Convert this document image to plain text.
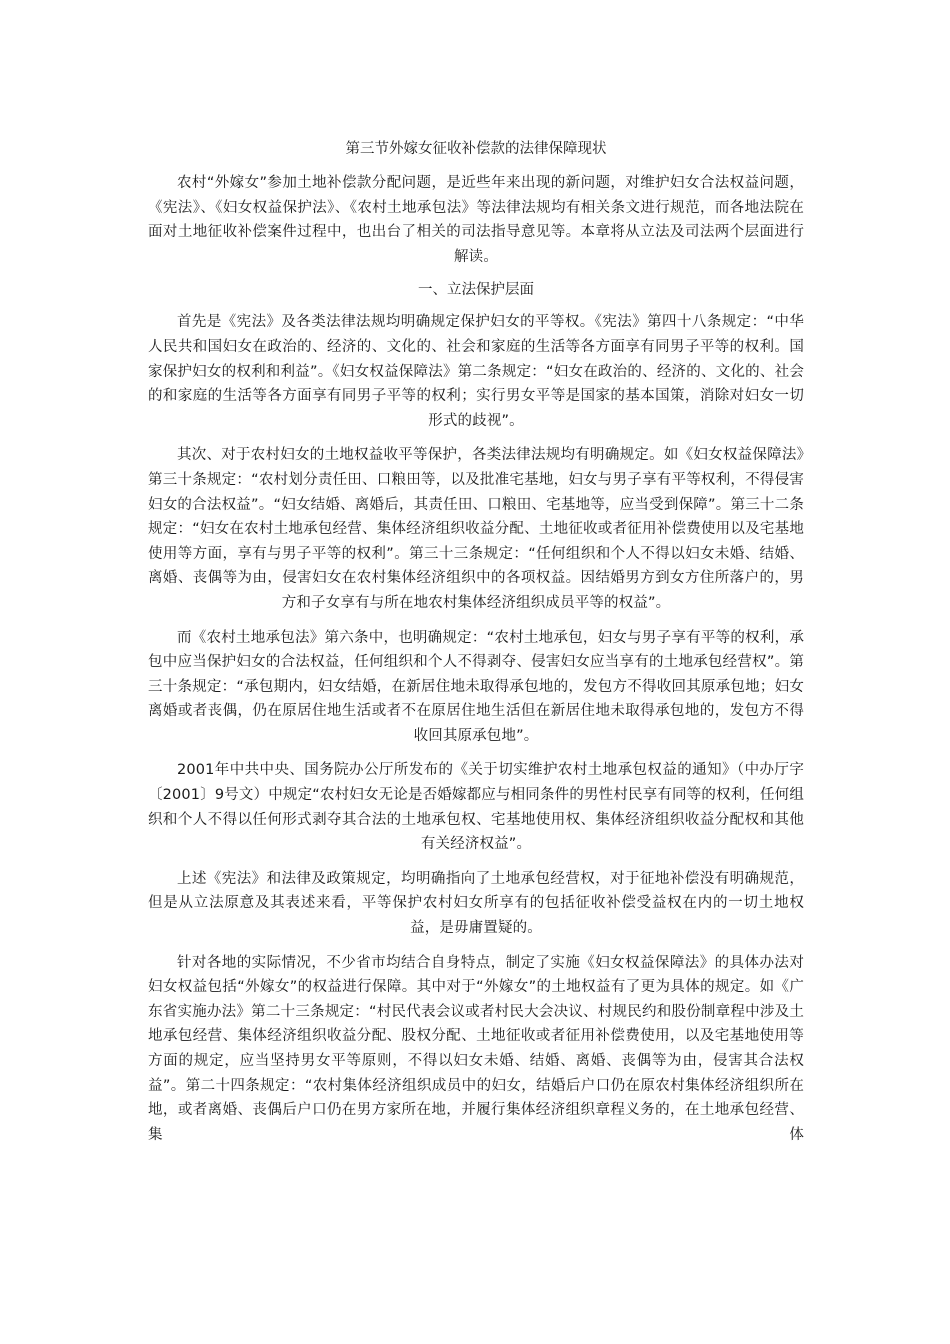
第三节外嫁女征收补偿款的法律保障现状

农村“外嫁女”参加土地补偿款分配问题，是近些年来出现的新问题，对维护妇女合法权益问题，《宪法》、《妇女权益保护法》、《农村土地承包法》等法律法规均有相关条文进行规范，而各地法院在面对土地征收补偿案件过程中，也出台了相关的司法指导意见等。本章将从立法及司法两个层面进行解读。

一、立法保护层面

首先是《宪法》及各类法律法规均明确规定保护妇女的平等权。《宪法》第四十八条规定：“中华人民共和国妇女在政治的、经济的、文化的、社会和家庭的生活等各方面享有同男子平等的权利。国家保护妇女的权利和利益”。《妇女权益保障法》第二条规定：“妇女在政治的、经济的、文化的、社会的和家庭的生活等各方面享有同男子平等的权利；实行男女平等是国家的基本国策，消除对妇女一切形式的歧视”。

其次、对于农村妇女的土地权益收平等保护，各类法律法规均有明确规定。如《妇女权益保障法》第三十条规定：“农村划分责任田、口粮田等，以及批准宅基地，妇女与男子享有平等权利，不得侵害妇女的合法权益”。“妇女结婚、离婚后，其责任田、口粮田、宅基地等，应当受到保障”。第三十二条规定：“妇女在农村土地承包经营、集体经济组织收益分配、土地征收或者征用补偿费使用以及宅基地使用等方面，享有与男子平等的权利”。第三十三条规定：“任何组织和个人不得以妇女未婚、结婚、离婚、丧偶等为由，侵害妇女在农村集体经济组织中的各项权益。因结婚男方到女方住所落户的，男方和子女享有与所在地农村集体经济组织成员平等的权益”。

而《农村土地承包法》第六条中，也明确规定：“农村土地承包，妇女与男子享有平等的权利，承包中应当保护妇女的合法权益，任何组织和个人不得剥夺、侵害妇女应当享有的土地承包经营权”。第三十条规定：“承包期内，妇女结婚，在新居住地未取得承包地的，发包方不得收回其原承包地；妇女离婚或者丧偶，仍在原居住地生活或者不在原居住地生活但在新居住地未取得承包地的，发包方不得收回其原承包地”。

2001年中共中央、国务院办公厅所发布的《关于切实维护农村土地承包权益的通知》（中办厅字〔2001〕9号文）中规定“农村妇女无论是否婚嫁都应与相同条件的男性村民享有同等的权利，任何组织和个人不得以任何形式剥夺其合法的土地承包权、宅基地使用权、集体经济组织收益分配权和其他有关经济权益”。

上述《宪法》和法律及政策规定，均明确指向了土地承包经营权，对于征地补偿没有明确规范，但是从立法原意及其表述来看，平等保护农村妇女所享有的包括征收补偿受益权在内的一切土地权益，是毋庸置疑的。

针对各地的实际情况，不少省市均结合自身特点，制定了实施《妇女权益保障法》的具体办法对妇女权益包括“外嫁女”的权益进行保障。其中对于“外嫁女”的土地权益有了更为具体的规定。如《广东省实施办法》第二十三条规定：“村民代表会议或者村民大会决议、村规民约和股份制章程中涉及土地承包经营、集体经济组织收益分配、股权分配、土地征收或者征用补偿费使用，以及宅基地使用等方面的规定，应当坚持男女平等原则，不得以妇女未婚、结婚、离婚、丧偶等为由，侵害其合法权益”。第二十四条规定：“农村集体经济组织成员中的妇女，结婚后户口仍在原农村集体经济组织所在地，或者离婚、丧偶后户口仍在男方家所在地，并履行集体经济组织章程义务的，在土地承包经营、集体
